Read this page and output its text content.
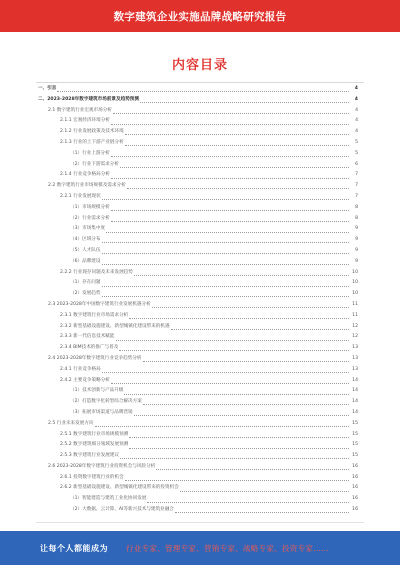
数字建筑企业实施品牌战略研究报告
内容目录
一、引言	4
二、2023-2028年数字建筑市场前景及趋势预测	4
2.1 数字建筑行业宏观市场分析	4
2.1.1 宏观经济环境分析	4
2.1.2 行业发展政策及技术环境	4
2.1.3 行业的上下游产业链分析	5
（1）行业上游分析	5
（2）行业下游需求分析	6
2.1.4 行业竞争格局分析	7
2.2 数字建筑行业市场规模及需求分析	7
2.2.1 行业发展现状	7
（1）市场规模分析	8
（2）行业需求分析	8
（3）市场集中度	9
（4）区域分布	9
（5）人才队伍	9
（6）品牌建设	9
2.2.2 行业现存问题及未来发展趋势	10
（1）存在问题	10
（2）发展趋势	10
2.3 2023-2028年中国数字建筑行业发展机遇分析	11
2.3.1 数字建筑行业市场需求分析	11
2.3.2 新型基础设施建设、新型城镇化建设带来的机遇	12
2.3.3 新一代信息技术赋能	12
2.3.4 BIM技术的推广与普及	13
2.4 2023-2028年数字建筑行业竞争趋势分析	13
2.4.1 行业竞争格局	13
2.4.2 主要竞争策略分析	14
（1）技术创新与产品升级	14
（2）打造数字化转型综合解决方案	14
（3）拓展市场渠道与品牌营销	14
2.5 行业未来发展方向	15
2.5.1 数字建筑行业市场规模预测	15
2.5.2 数字建筑细分领域发展预测	15
2.5.3 数字建筑行业发展建议	15
2.6 2023-2028年数字建筑行业投资机会与风险分析	16
2.6.1 投资数字建筑行业的机会	16
2.6.2 新型基础设施建设、新型城镇化建设带来的投资机会	16
（1）智能建造与建筑工业化协同发展	16
（2）大数据、云计算、AI等新兴技术与建筑业融合	16
让每个人都能成为 行业专家、管理专家、营销专家、战略专家、投资专家……
